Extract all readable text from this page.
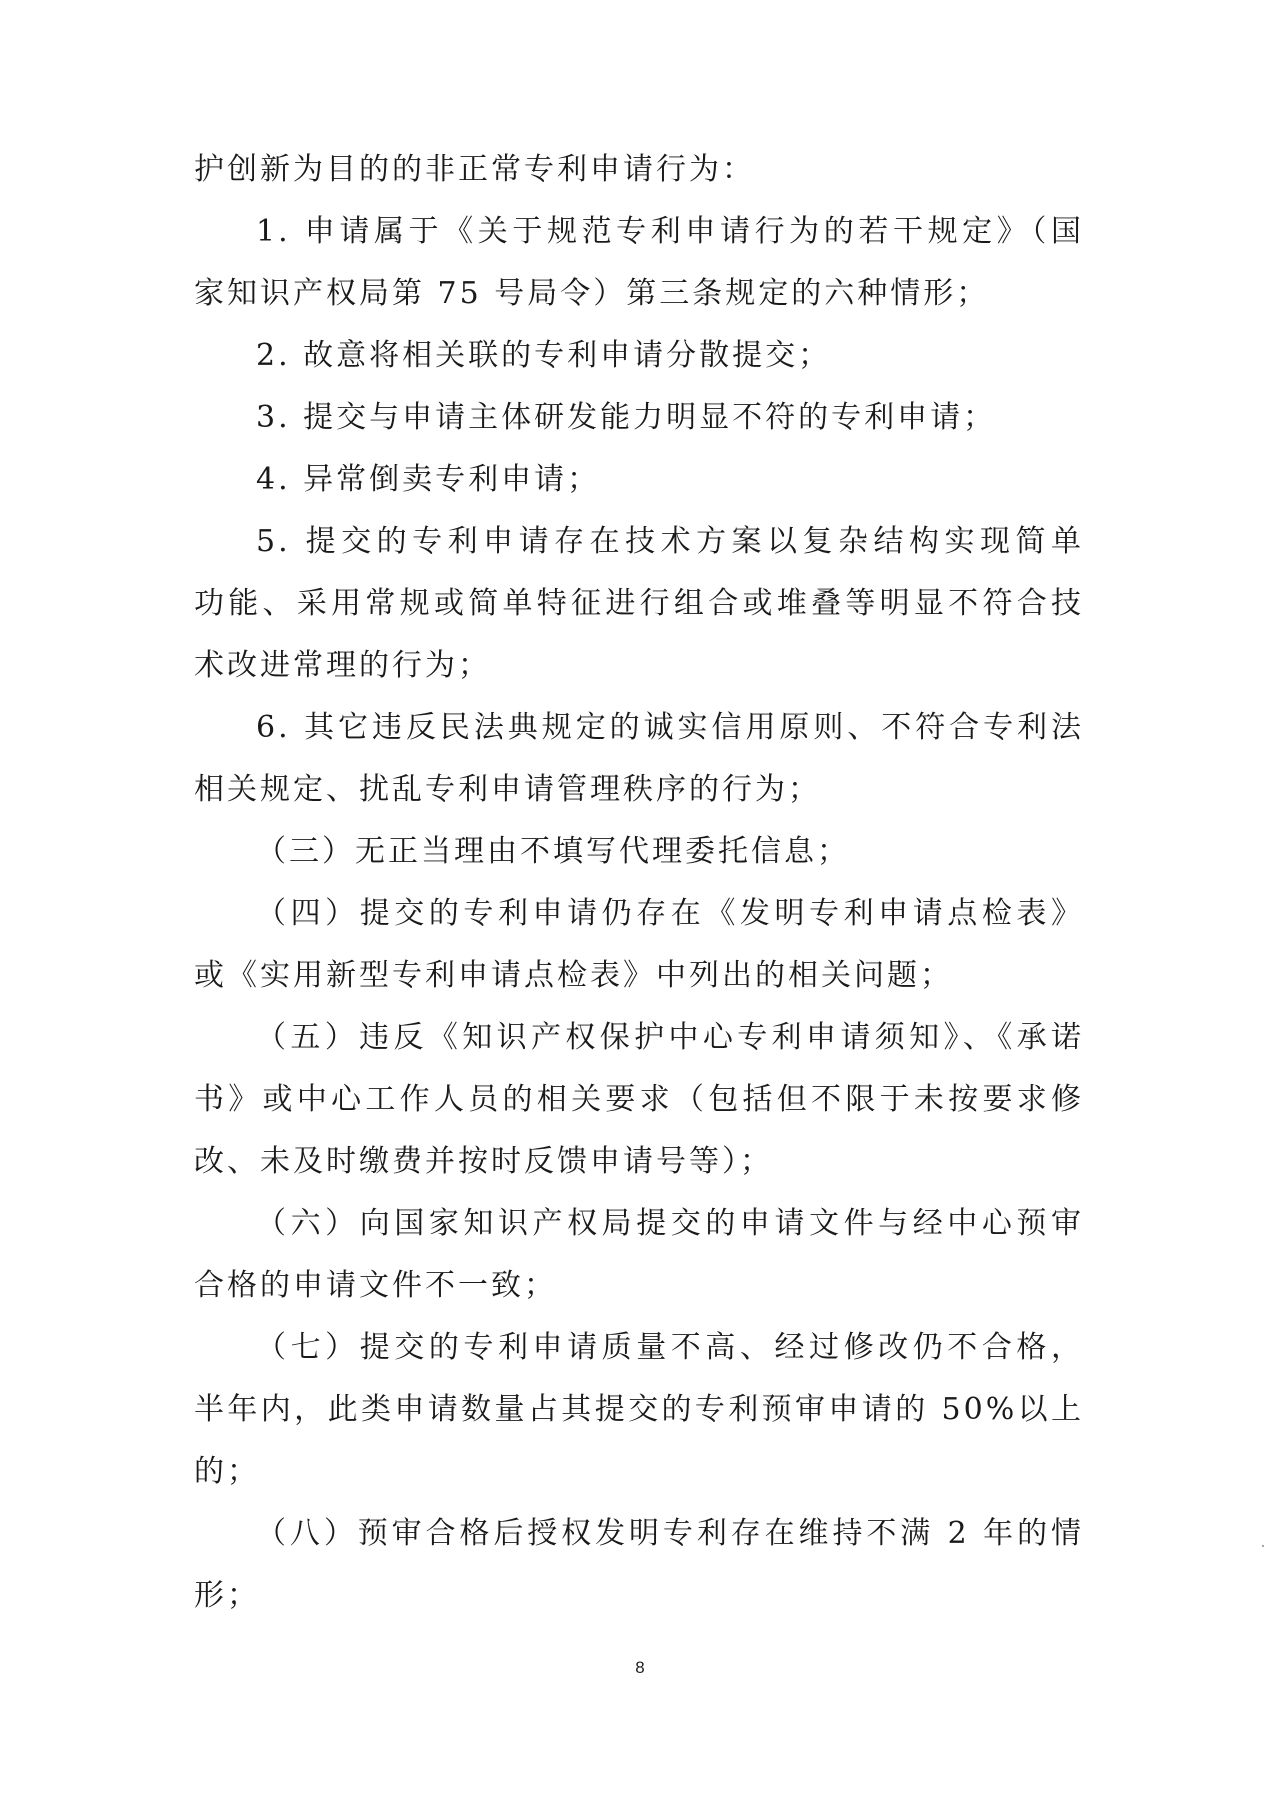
护创新为目的的非正常专利申请行为：
1. 申请属于《关于规范专利申请行为的若干规定》（国
家知识产权局第 75 号局令）第三条规定的六种情形；
2. 故意将相关联的专利申请分散提交；
3. 提交与申请主体研发能力明显不符的专利申请；
4. 异常倒卖专利申请；
5. 提交的专利申请存在技术方案以复杂结构实现简单
功能、采用常规或简单特征进行组合或堆叠等明显不符合技
术改进常理的行为；
6. 其它违反民法典规定的诚实信用原则、不符合专利法
相关规定、扰乱专利申请管理秩序的行为；
（三）无正当理由不填写代理委托信息；
（四）提交的专利申请仍存在《发明专利申请点检表》
或《实用新型专利申请点检表》中列出的相关问题；
（五）违反《知识产权保护中心专利申请须知》、《承诺
书》或中心工作人员的相关要求（包括但不限于未按要求修
改、未及时缴费并按时反馈申请号等）；
（六）向国家知识产权局提交的申请文件与经中心预审
合格的申请文件不一致；
（七）提交的专利申请质量不高、经过修改仍不合格，
半年内，此类申请数量占其提交的专利预审申请的 50%以上
的；
（八）预审合格后授权发明专利存在维持不满 2 年的情
形；
8
